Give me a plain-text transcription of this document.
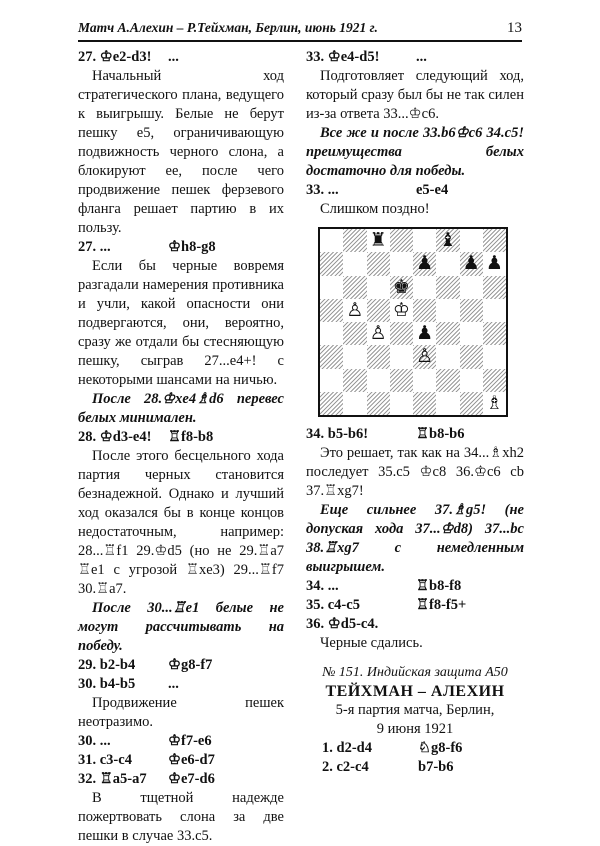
Матч А.Алехин – Р.Тейхман, Берлин, июнь 1921 г.	13
27. ♔e2-d3!	...

Начальный ход стратегического плана, ведущего к выигрышу. Белые не берут пешку е5, ограничивающую подвижность черного слона, а блокируют ее, после чего продвижение пешек ферзевого фланга решает партию в их пользу.

27. ...	♔h8-g8

Если бы черные вовремя разгадали намерения противника и учли, какой опасности они подвергаются, они, вероятно, сразу же отдали бы стесняющую пешку, сыграв 27...е4+! с некоторыми шансами на ничью.

После 28.♔xe4♗d6 перевес белых минимален.

28. ♔d3-e4!	♖f8-b8

После этого бесцельного хода партия черных становится безнадежной. Однако и лучший ход оказался бы в конце концов недостаточным, например: 28...♖f1 29.♔d5 (но не 29.♖a7 ♖e1 с угрозой ♖xe3) 29...♖f7 30.♖a7.

После 30...♖e1 белые не могут рассчитывать на победу.

29. b2-b4	♔g8-f7
30. b4-b5	...

Продвижение пешек неотразимо.

30. ...	♔f7-e6
31. c3-c4	♔e6-d7
32. ♖a5-a7	♔e7-d6

В тщетной надежде пожертвовать слона за две пешки в случае 33.c5.

33. ♔e4-d5!	...

Подготовляет следующий ход, который сразу был бы не так силен из-за ответа 33...♔c6.

Все же и после 33.b6♔c6 34.c5! преимущества белых достаточно для победы.

33. ...	e5-e4

Слишком поздно!

♜	♝
♟ ♟ ♟
♚
♙ ♔
♙ ♟
♙
♗
34. b5-b6!	♖b8-b6

Это решает, так как на 34...♗xh2 последует 35.c5 ♔c8 36.♔c6 cb 37.♖xg7!

Еще сильнее 37.♗g5! (не допуская хода 37...♔d8) 37...bc 38.♖xg7 с немедленным выигрышем.

34. ...	♖b8-f8
35. c4-c5	♖f8-f5+
36. ♔d5-c4.

Черные сдались.

№ 151. Индийская защита А50
ТЕЙХМАН – АЛЕХИН
5-я партия матча, Берлин,
9 июня 1921
1. d2-d4	♘g8-f6
2. c2-c4	b7-b6
